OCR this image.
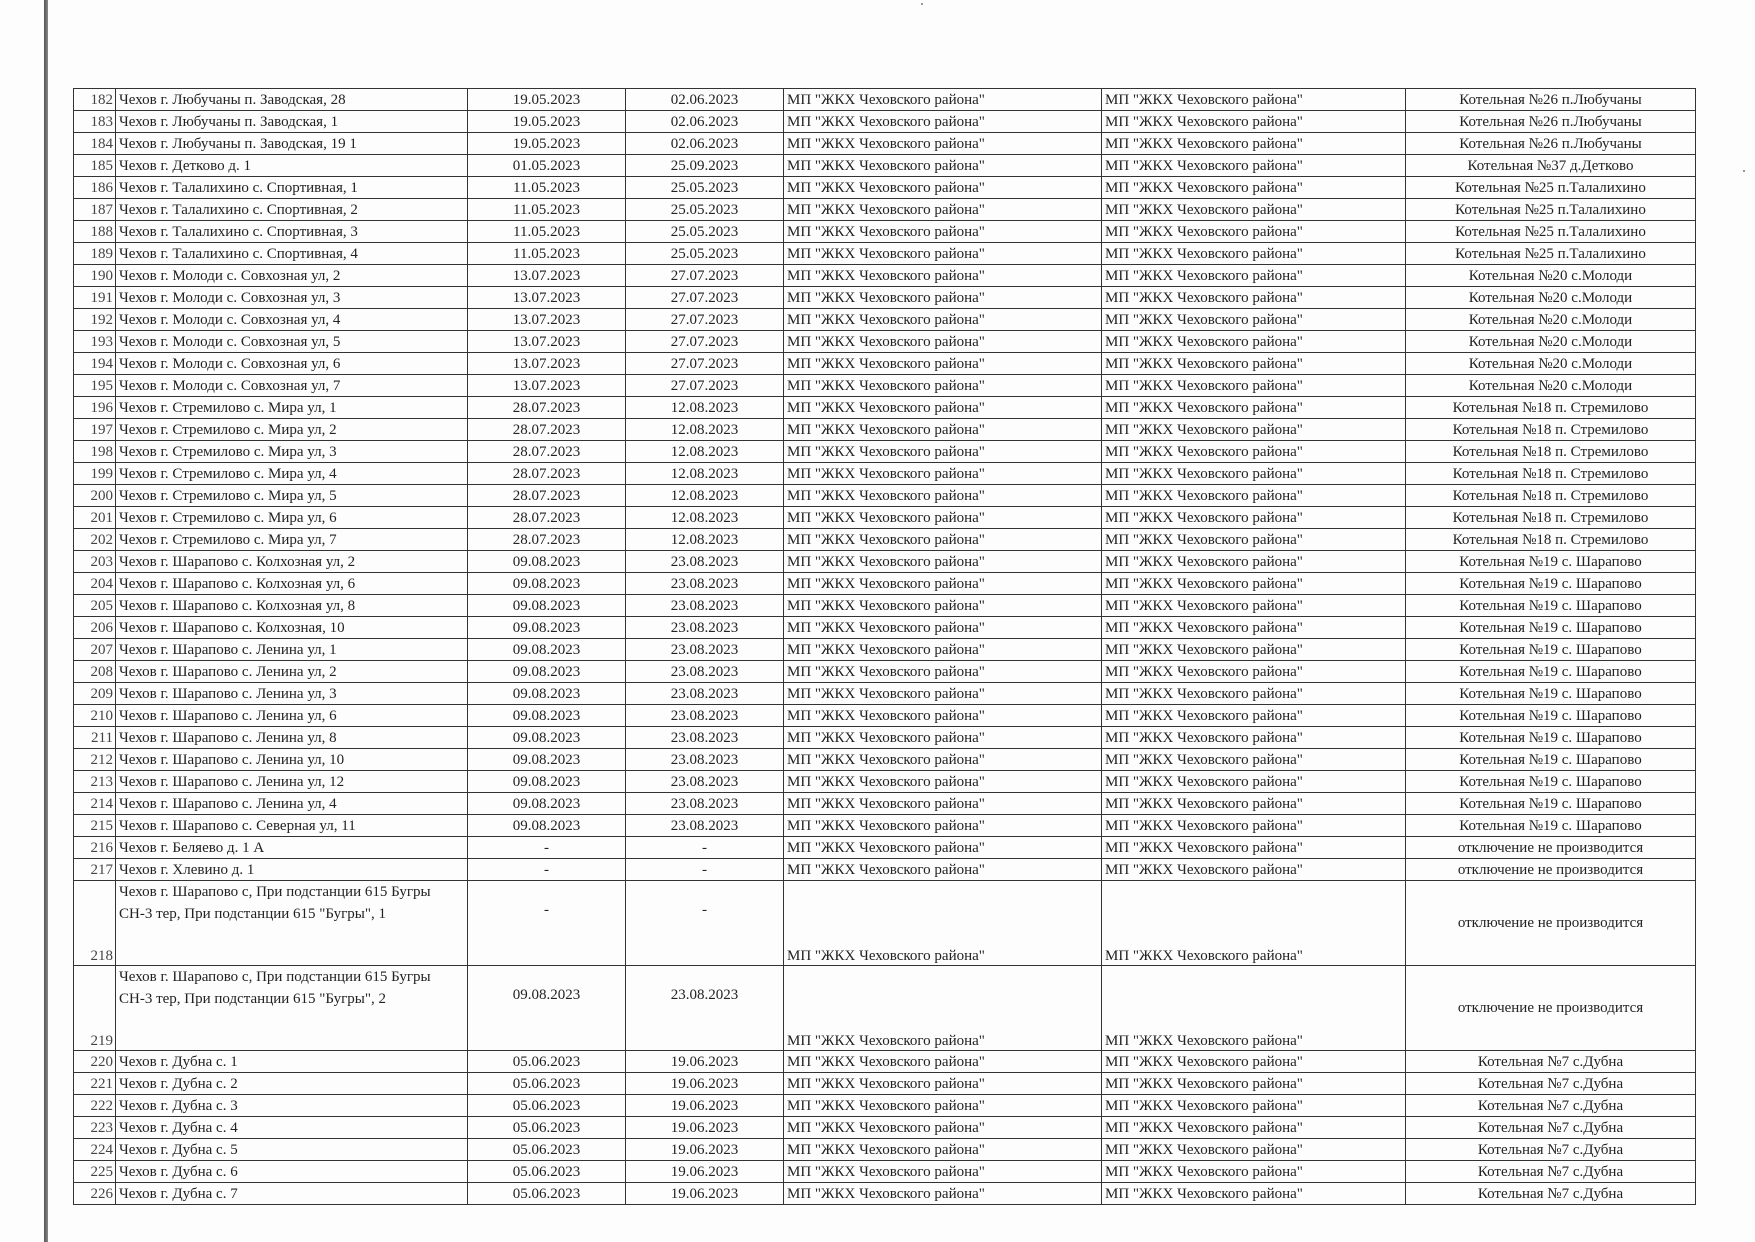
182	Чехов г. Любучаны п. Заводская, 28	19.05.2023	02.06.2023	МП "ЖКХ Чеховского района"	МП "ЖКХ Чеховского района"	Котельная №26 п.Любучаны
183	Чехов г. Любучаны п. Заводская, 1	19.05.2023	02.06.2023	МП "ЖКХ Чеховского района"	МП "ЖКХ Чеховского района"	Котельная №26 п.Любучаны
184	Чехов г. Любучаны п. Заводская, 19 1	19.05.2023	02.06.2023	МП "ЖКХ Чеховского района"	МП "ЖКХ Чеховского района"	Котельная №26 п.Любучаны
185	Чехов г. Детково д. 1	01.05.2023	25.09.2023	МП "ЖКХ Чеховского района"	МП "ЖКХ Чеховского района"	Котельная №37 д.Детково
186	Чехов г. Талалихино с. Спортивная, 1	11.05.2023	25.05.2023	МП "ЖКХ Чеховского района"	МП "ЖКХ Чеховского района"	Котельная №25 п.Талалихино
187	Чехов г. Талалихино с. Спортивная, 2	11.05.2023	25.05.2023	МП "ЖКХ Чеховского района"	МП "ЖКХ Чеховского района"	Котельная №25 п.Талалихино
188	Чехов г. Талалихино с. Спортивная, 3	11.05.2023	25.05.2023	МП "ЖКХ Чеховского района"	МП "ЖКХ Чеховского района"	Котельная №25 п.Талалихино
189	Чехов г. Талалихино с. Спортивная, 4	11.05.2023	25.05.2023	МП "ЖКХ Чеховского района"	МП "ЖКХ Чеховского района"	Котельная №25 п.Талалихино
190	Чехов г. Молоди с. Совхозная ул, 2	13.07.2023	27.07.2023	МП "ЖКХ Чеховского района"	МП "ЖКХ Чеховского района"	Котельная №20 с.Молоди
191	Чехов г. Молоди с. Совхозная ул, 3	13.07.2023	27.07.2023	МП "ЖКХ Чеховского района"	МП "ЖКХ Чеховского района"	Котельная №20 с.Молоди
192	Чехов г. Молоди с. Совхозная ул, 4	13.07.2023	27.07.2023	МП "ЖКХ Чеховского района"	МП "ЖКХ Чеховского района"	Котельная №20 с.Молоди
193	Чехов г. Молоди с. Совхозная ул, 5	13.07.2023	27.07.2023	МП "ЖКХ Чеховского района"	МП "ЖКХ Чеховского района"	Котельная №20 с.Молоди
194	Чехов г. Молоди с. Совхозная ул, 6	13.07.2023	27.07.2023	МП "ЖКХ Чеховского района"	МП "ЖКХ Чеховского района"	Котельная №20 с.Молоди
195	Чехов г. Молоди с. Совхозная ул, 7	13.07.2023	27.07.2023	МП "ЖКХ Чеховского района"	МП "ЖКХ Чеховского района"	Котельная №20 с.Молоди
196	Чехов г. Стремилово с. Мира ул, 1	28.07.2023	12.08.2023	МП "ЖКХ Чеховского района"	МП "ЖКХ Чеховского района"	Котельная №18 п. Стремилово
197	Чехов г. Стремилово с. Мира ул, 2	28.07.2023	12.08.2023	МП "ЖКХ Чеховского района"	МП "ЖКХ Чеховского района"	Котельная №18 п. Стремилово
198	Чехов г. Стремилово с. Мира ул, 3	28.07.2023	12.08.2023	МП "ЖКХ Чеховского района"	МП "ЖКХ Чеховского района"	Котельная №18 п. Стремилово
199	Чехов г. Стремилово с. Мира ул, 4	28.07.2023	12.08.2023	МП "ЖКХ Чеховского района"	МП "ЖКХ Чеховского района"	Котельная №18 п. Стремилово
200	Чехов г. Стремилово с. Мира ул, 5	28.07.2023	12.08.2023	МП "ЖКХ Чеховского района"	МП "ЖКХ Чеховского района"	Котельная №18 п. Стремилово
201	Чехов г. Стремилово с. Мира ул, 6	28.07.2023	12.08.2023	МП "ЖКХ Чеховского района"	МП "ЖКХ Чеховского района"	Котельная №18 п. Стремилово
202	Чехов г. Стремилово с. Мира ул, 7	28.07.2023	12.08.2023	МП "ЖКХ Чеховского района"	МП "ЖКХ Чеховского района"	Котельная №18 п. Стремилово
203	Чехов г. Шарапово с. Колхозная ул, 2	09.08.2023	23.08.2023	МП "ЖКХ Чеховского района"	МП "ЖКХ Чеховского района"	Котельная №19 с. Шарапово
204	Чехов г. Шарапово с. Колхозная ул, 6	09.08.2023	23.08.2023	МП "ЖКХ Чеховского района"	МП "ЖКХ Чеховского района"	Котельная №19 с. Шарапово
205	Чехов г. Шарапово с. Колхозная ул, 8	09.08.2023	23.08.2023	МП "ЖКХ Чеховского района"	МП "ЖКХ Чеховского района"	Котельная №19 с. Шарапово
206	Чехов г. Шарапово с. Колхозная, 10	09.08.2023	23.08.2023	МП "ЖКХ Чеховского района"	МП "ЖКХ Чеховского района"	Котельная №19 с. Шарапово
207	Чехов г. Шарапово с. Ленина ул, 1	09.08.2023	23.08.2023	МП "ЖКХ Чеховского района"	МП "ЖКХ Чеховского района"	Котельная №19 с. Шарапово
208	Чехов г. Шарапово с. Ленина ул, 2	09.08.2023	23.08.2023	МП "ЖКХ Чеховского района"	МП "ЖКХ Чеховского района"	Котельная №19 с. Шарапово
209	Чехов г. Шарапово с. Ленина ул, 3	09.08.2023	23.08.2023	МП "ЖКХ Чеховского района"	МП "ЖКХ Чеховского района"	Котельная №19 с. Шарапово
210	Чехов г. Шарапово с. Ленина ул, 6	09.08.2023	23.08.2023	МП "ЖКХ Чеховского района"	МП "ЖКХ Чеховского района"	Котельная №19 с. Шарапово
211	Чехов г. Шарапово с. Ленина ул, 8	09.08.2023	23.08.2023	МП "ЖКХ Чеховского района"	МП "ЖКХ Чеховского района"	Котельная №19 с. Шарапово
212	Чехов г. Шарапово с. Ленина ул, 10	09.08.2023	23.08.2023	МП "ЖКХ Чеховского района"	МП "ЖКХ Чеховского района"	Котельная №19 с. Шарапово
213	Чехов г. Шарапово с. Ленина ул, 12	09.08.2023	23.08.2023	МП "ЖКХ Чеховского района"	МП "ЖКХ Чеховского района"	Котельная №19 с. Шарапово
214	Чехов г. Шарапово с. Ленина ул, 4	09.08.2023	23.08.2023	МП "ЖКХ Чеховского района"	МП "ЖКХ Чеховского района"	Котельная №19 с. Шарапово
215	Чехов г. Шарапово с. Северная ул, 11	09.08.2023	23.08.2023	МП "ЖКХ Чеховского района"	МП "ЖКХ Чеховского района"	Котельная №19 с. Шарапово
216	Чехов г. Беляево д. 1 А	-	-	МП "ЖКХ Чеховского района"	МП "ЖКХ Чеховского района"	отключение не производится
217	Чехов г. Хлевино д. 1	-	-	МП "ЖКХ Чеховского района"	МП "ЖКХ Чеховского района"	отключение не производится
218	Чехов г. Шарапово с, При подстанции 615 Бугры СН-3 тер, При подстанции 615 "Бугры", 1	-	-	МП "ЖКХ Чеховского района"	МП "ЖКХ Чеховского района"	отключение не производится
219	Чехов г. Шарапово с, При подстанции 615 Бугры СН-3 тер, При подстанции 615 "Бугры", 2	09.08.2023	23.08.2023	МП "ЖКХ Чеховского района"	МП "ЖКХ Чеховского района"	отключение не производится
220	Чехов г. Дубна с. 1	05.06.2023	19.06.2023	МП "ЖКХ Чеховского района"	МП "ЖКХ Чеховского района"	Котельная №7 с.Дубна
221	Чехов г. Дубна с. 2	05.06.2023	19.06.2023	МП "ЖКХ Чеховского района"	МП "ЖКХ Чеховского района"	Котельная №7 с.Дубна
222	Чехов г. Дубна с. 3	05.06.2023	19.06.2023	МП "ЖКХ Чеховского района"	МП "ЖКХ Чеховского района"	Котельная №7 с.Дубна
223	Чехов г. Дубна с. 4	05.06.2023	19.06.2023	МП "ЖКХ Чеховского района"	МП "ЖКХ Чеховского района"	Котельная №7 с.Дубна
224	Чехов г. Дубна с. 5	05.06.2023	19.06.2023	МП "ЖКХ Чеховского района"	МП "ЖКХ Чеховского района"	Котельная №7 с.Дубна
225	Чехов г. Дубна с. 6	05.06.2023	19.06.2023	МП "ЖКХ Чеховского района"	МП "ЖКХ Чеховского района"	Котельная №7 с.Дубна
226	Чехов г. Дубна с. 7	05.06.2023	19.06.2023	МП "ЖКХ Чеховского района"	МП "ЖКХ Чеховского района"	Котельная №7 с.Дубна
